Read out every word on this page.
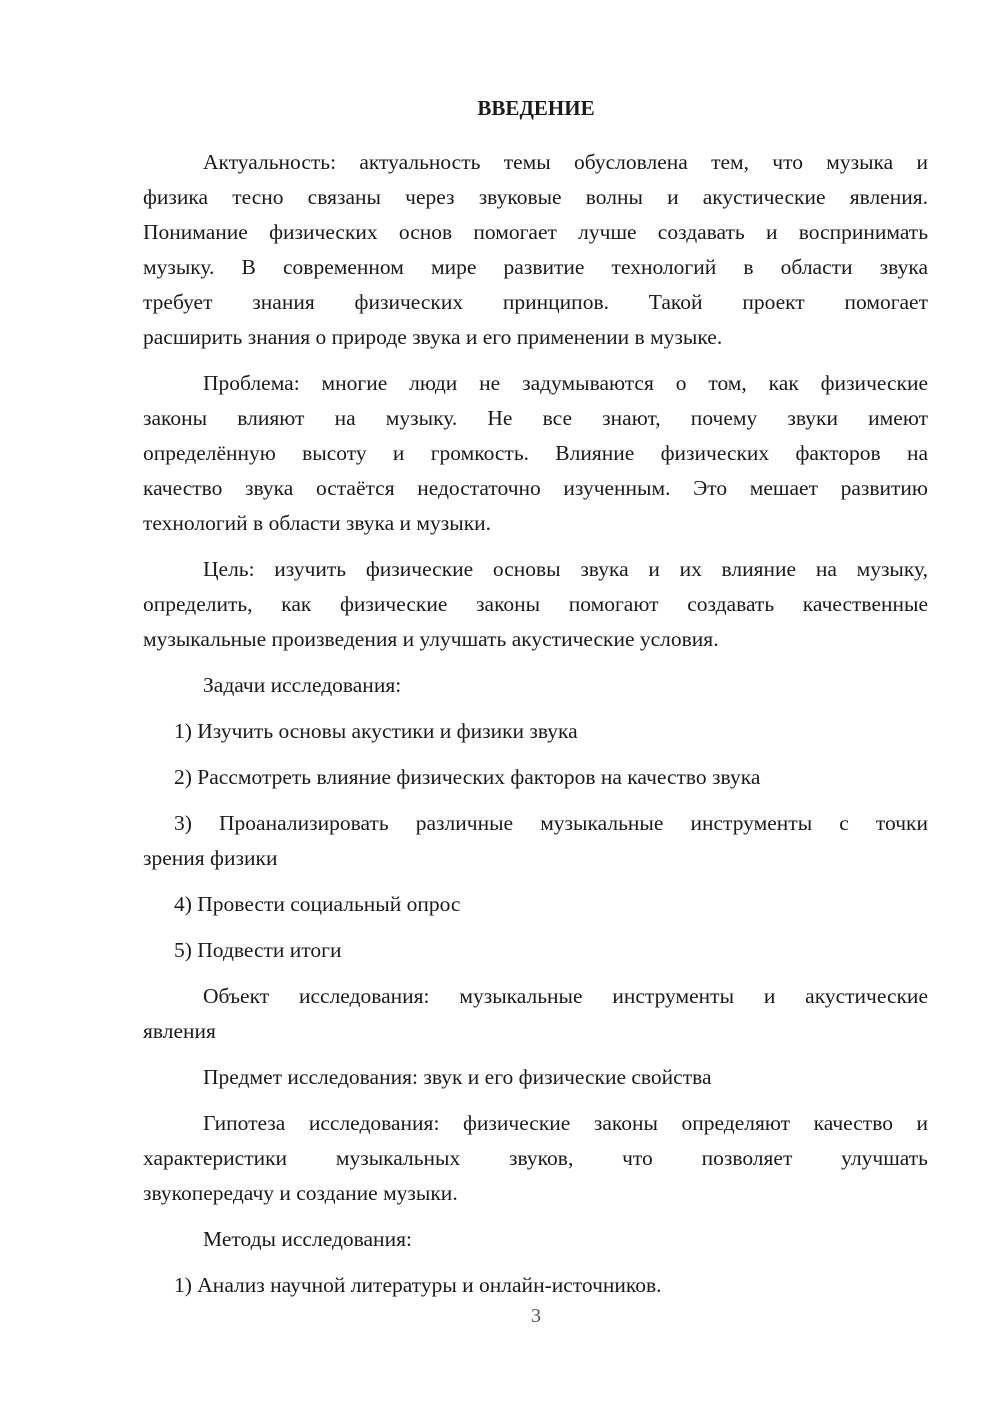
ВВЕДЕНИЕ
Актуальность: актуальность темы обусловлена тем, что музыка и
физика тесно связаны через звуковые волны и акустические явления.
Понимание физических основ помогает лучше создавать и воспринимать
музыку. В современном мире развитие технологий в области звука
требует знания физических принципов. Такой проект помогает
расширить знания о природе звука и его применении в музыке.
Проблема: многие люди не задумываются о том, как физические
законы влияют на музыку. Не все знают, почему звуки имеют
определённую высоту и громкость. Влияние физических факторов на
качество звука остаётся недостаточно изученным. Это мешает развитию
технологий в области звука и музыки.
Цель: изучить физические основы звука и их влияние на музыку,
определить, как физические законы помогают создавать качественные
музыкальные произведения и улучшать акустические условия.
Задачи исследования:
1) Изучить основы акустики и физики звука
2) Рассмотреть влияние физических факторов на качество звука
3) Проанализировать различные музыкальные инструменты с точки
зрения физики
4) Провести социальный опрос
5) Подвести итоги
Объект исследования: музыкальные инструменты и акустические
явления
Предмет исследования: звук и его физические свойства
Гипотеза исследования: физические законы определяют качество и
характеристики музыкальных звуков, что позволяет улучшать
звукопередачу и создание музыки.
Методы исследования:
1) Анализ научной литературы и онлайн-источников.
3
